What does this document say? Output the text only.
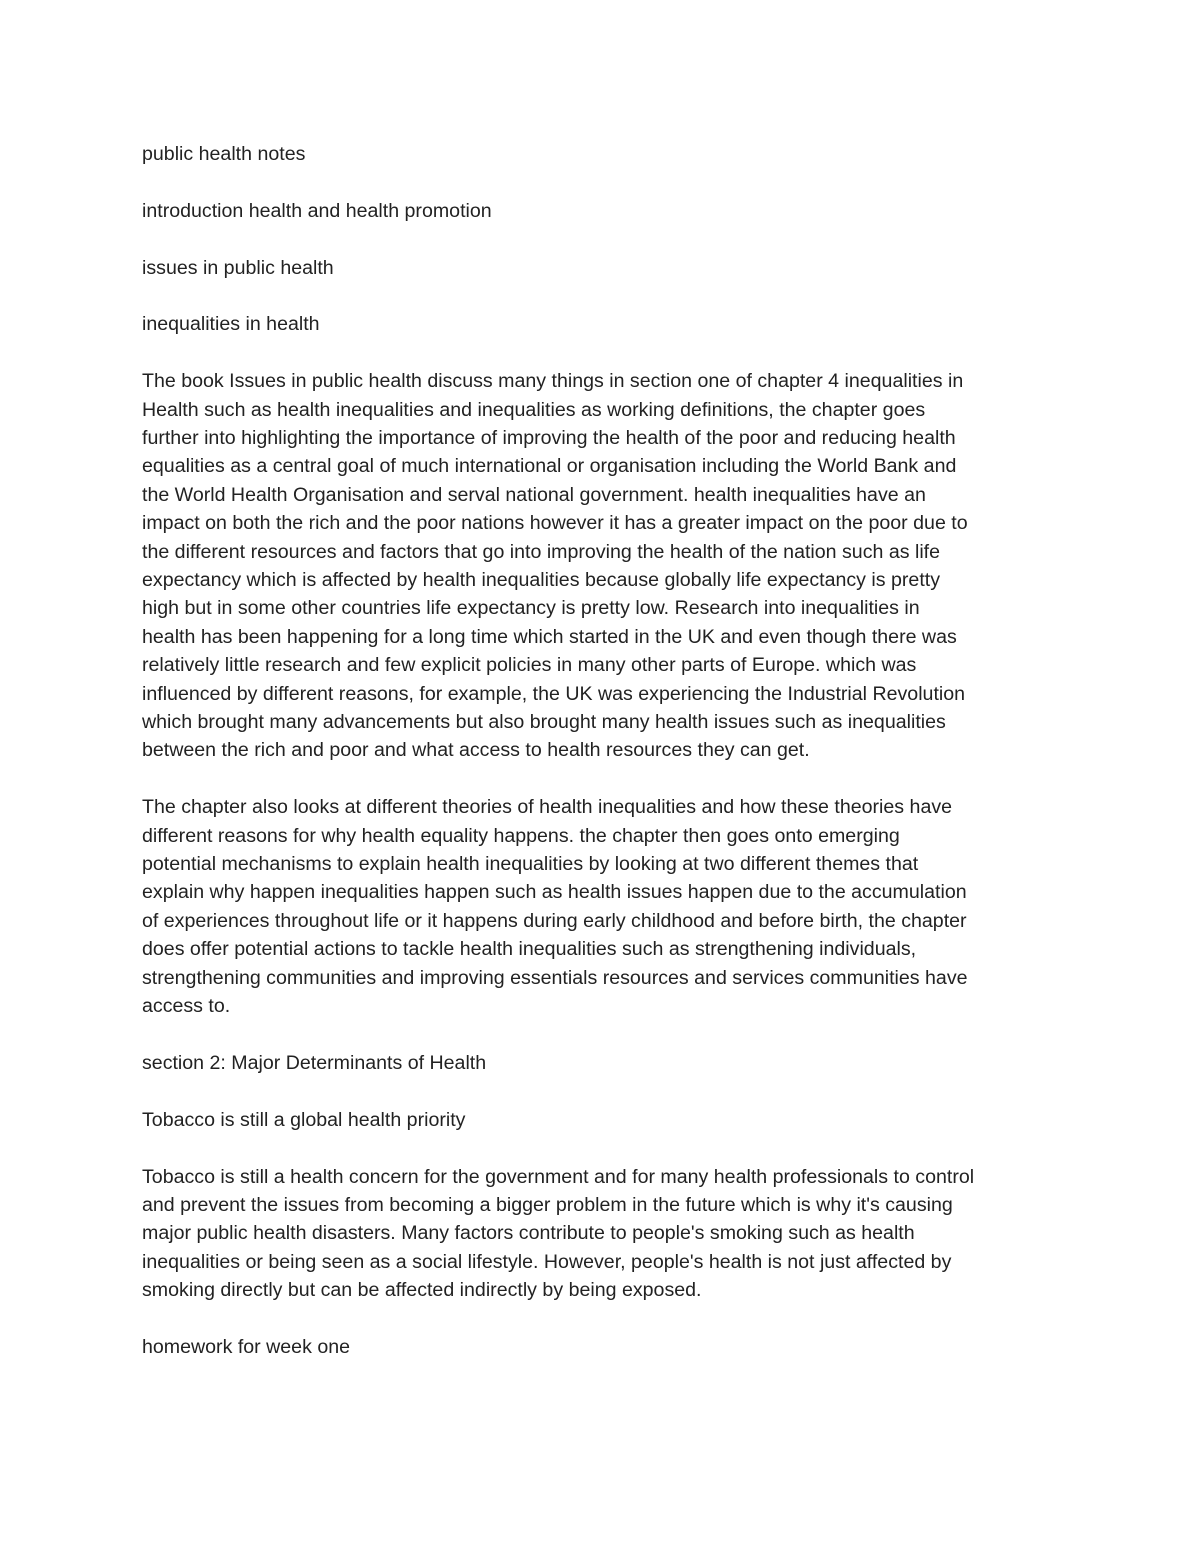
public health notes

introduction health and health promotion

issues in public health

inequalities in health

The book Issues in public health discuss many things in section one of chapter 4 inequalities in
Health such as health inequalities and inequalities as working definitions, the chapter goes
further into highlighting the importance of improving the health of the poor and reducing health
equalities as a central goal of much international or organisation including the World Bank and
the World Health Organisation and serval national government. health inequalities have an
impact on both the rich and the poor nations however it has a greater impact on the poor due to
the different resources and factors that go into improving the health of the nation such as life
expectancy which is affected by health inequalities because globally life expectancy is pretty
high but in some other countries life expectancy is pretty low. Research into inequalities in
health has been happening for a long time which started in the UK and even though there was
relatively little research and few explicit policies in many other parts of Europe. which was
influenced by different reasons, for example, the UK was experiencing the Industrial Revolution
which brought many advancements but also brought many health issues such as inequalities
between the rich and poor and what access to health resources they can get.
The chapter also looks at different theories of health inequalities and how these theories have
different reasons for why health equality happens. the chapter then goes onto emerging
potential mechanisms to explain health inequalities by looking at two different themes that
explain why happen inequalities happen such as health issues happen due to the accumulation
of experiences throughout life or it happens during early childhood and before birth, the chapter
does offer potential actions to tackle health inequalities such as strengthening individuals,
strengthening communities and improving essentials resources and services communities have
access to.

section 2: Major Determinants of Health

Tobacco is still a global health priority

Tobacco is still a health concern for the government and for many health professionals to control
and prevent the issues from becoming a bigger problem in the future which is why it's causing
major public health disasters. Many factors contribute to people's smoking such as health
inequalities or being seen as a social lifestyle. However, people's health is not just affected by
smoking directly but can be affected indirectly by being exposed.

homework for week one
